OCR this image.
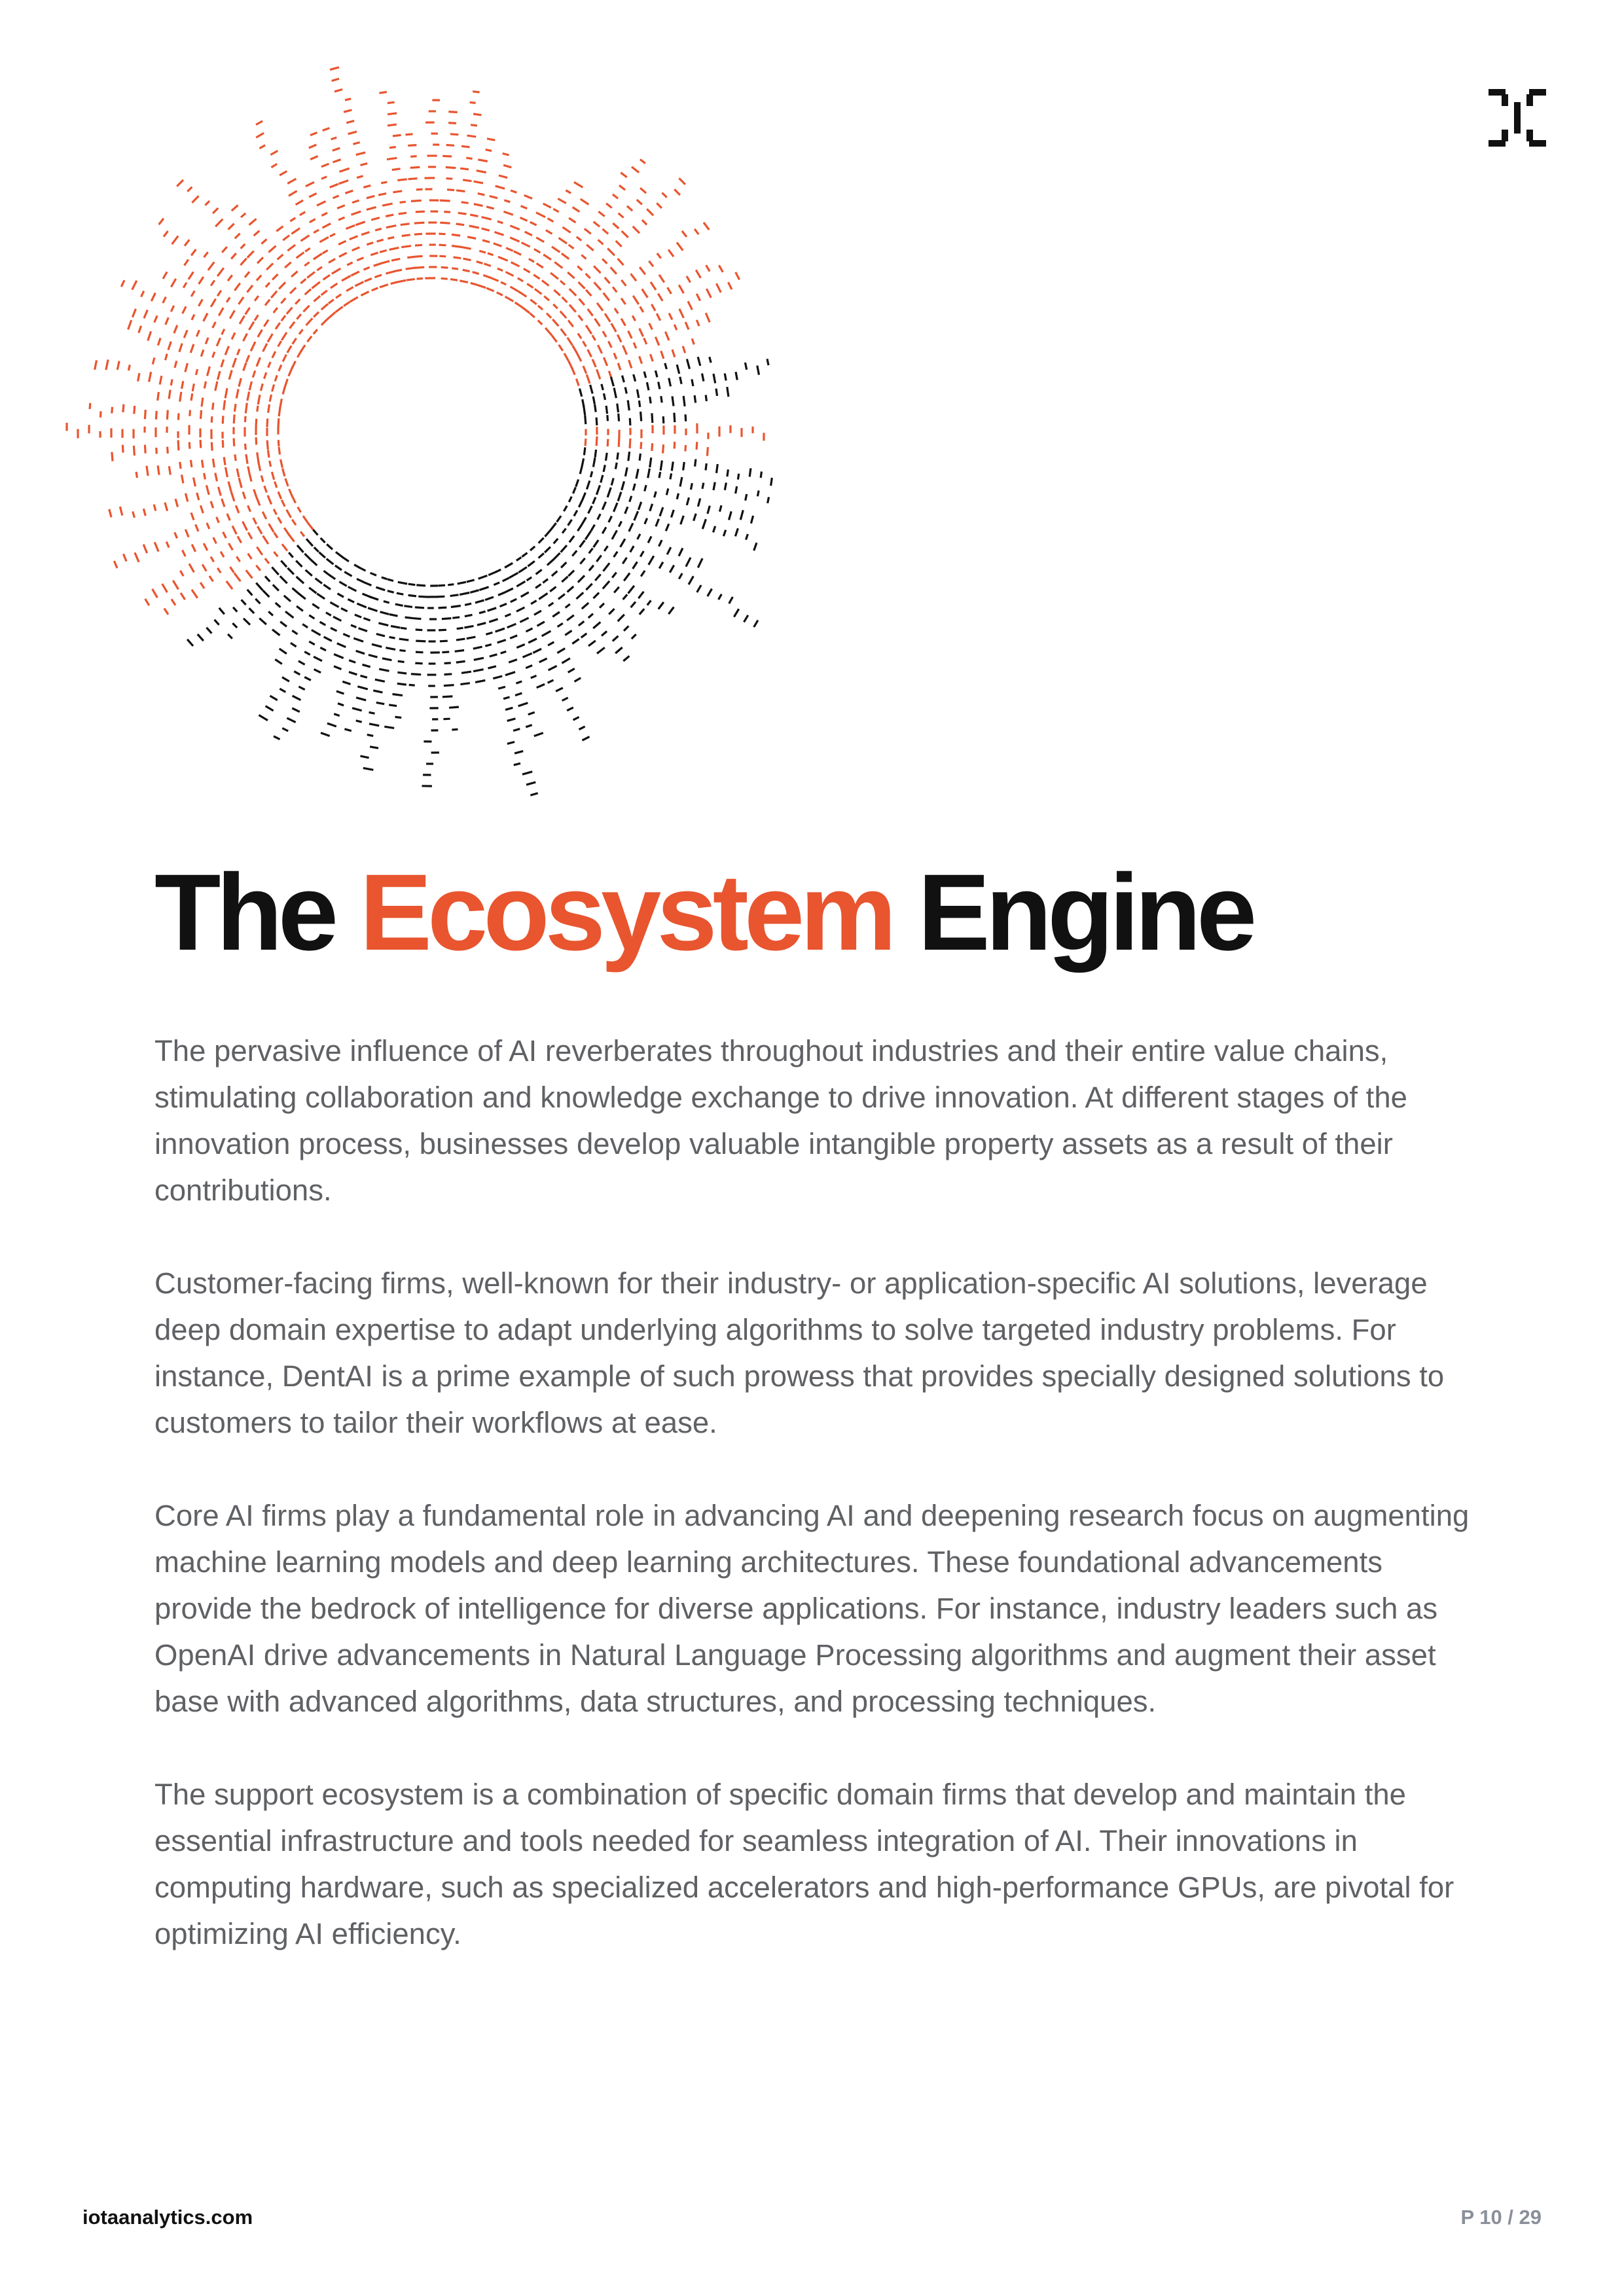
The Ecosystem Engine

The pervasive influence of AI reverberates throughout industries and their entire value chains, stimulating collaboration and knowledge exchange to drive innovation. At different stages of the innovation process, businesses develop valuable intangible property assets as a result of their contributions.

Customer-facing firms, well-known for their industry- or application-specific AI solutions, leverage deep domain expertise to adapt underlying algorithms to solve targeted industry problems. For instance, DentAI is a prime example of such prowess that provides specially designed solutions to customers to tailor their workflows at ease.

Core AI firms play a fundamental role in advancing AI and deepening research focus on augmenting machine learning models and deep learning architectures. These foundational advancements provide the bedrock of intelligence for diverse applications. For instance, industry leaders such as OpenAI drive advancements in Natural Language Processing algorithms and augment their asset base with advanced algorithms, data structures, and processing techniques.

The support ecosystem is a combination of specific domain firms that develop and maintain the essential infrastructure and tools needed for seamless integration of AI. Their innovations in computing hardware, such as specialized accelerators and high-performance GPUs, are pivotal for optimizing AI efficiency.

iotaanalytics.com	P 10 / 29
